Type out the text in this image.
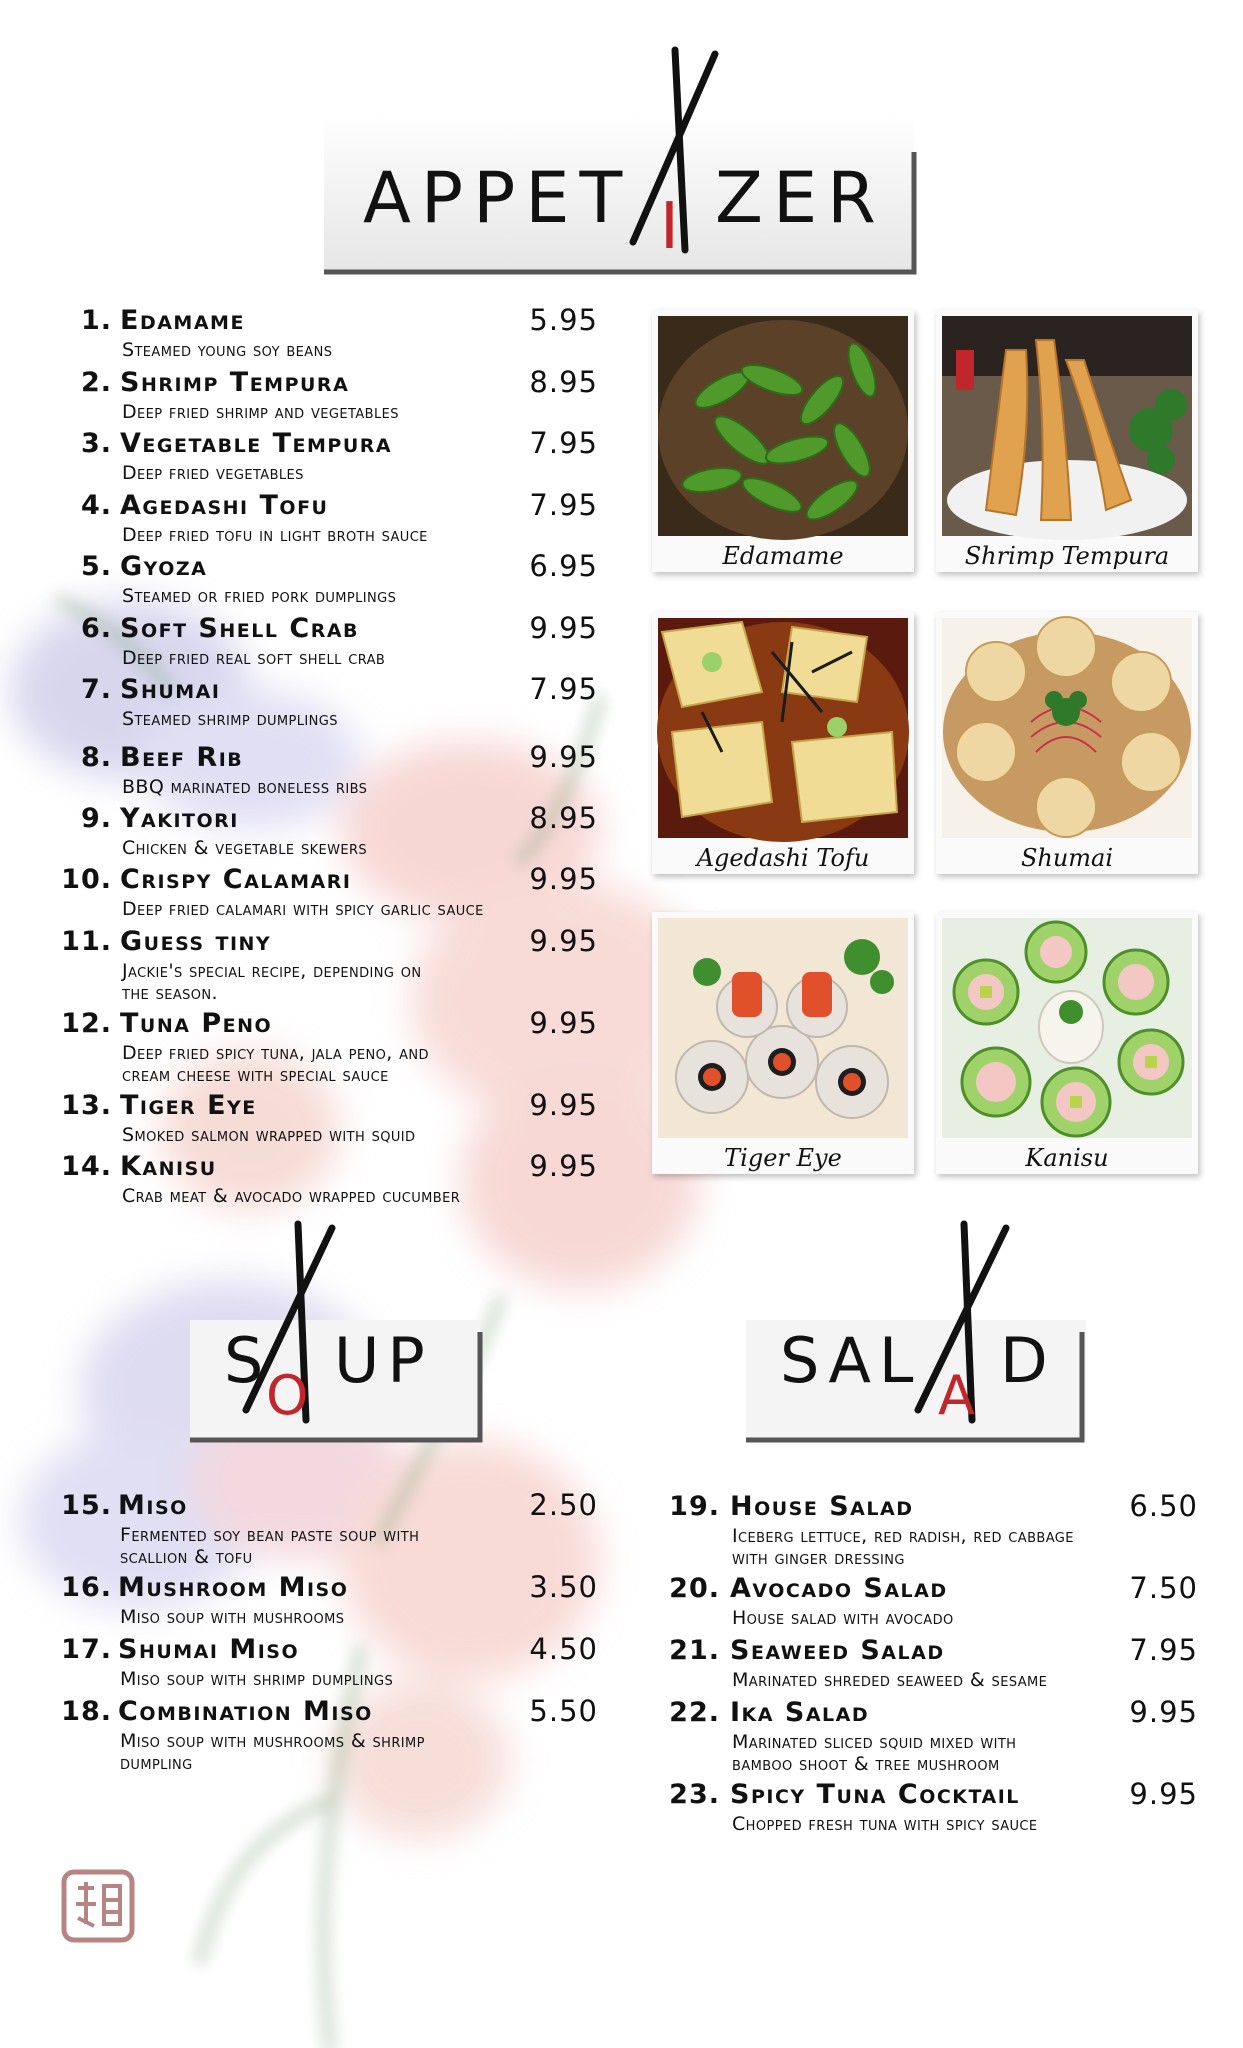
APPET I ZER
S
O UP	SAL A D
Edamame	Shrimp Tempura
Agedashi Tofu	Shumai
Tiger Eye	Kanisu
1. Edamame	5.95
Steamed young soy beans
2. Shrimp Tempura	8.95
Deep fried shrimp and vegetables
3. Vegetable Tempura	7.95
Deep fried vegetables
4. Agedashi Tofu	7.95
Deep fried tofu in light broth sauce
5. Gyoza	6.95
Steamed or fried pork dumplings
6. Soft Shell Crab	9.95
Deep fried real soft shell crab
7. Shumai	7.95
Steamed shrimp dumplings
8. Beef Rib	9.95
BBQ marinated boneless ribs
9. Yakitori	8.95
Chicken & vegetable skewers
10. Crispy Calamari	9.95
Deep fried calamari with spicy garlic sauce
11. Guess tiny	9.95
Jackie's special recipe, depending on
the season.
12. Tuna Peno	9.95
Deep fried spicy tuna, jala peno, and
cream cheese with special sauce
13. Tiger Eye	9.95
Smoked salmon wrapped with squid
14. Kanisu	9.95
Crab meat & avocado wrapped cucumber
15. Miso	2.50
Fermented soy bean paste soup with
scallion & tofu
16. Mushroom Miso	3.50
Miso soup with mushrooms
17. Shumai Miso	4.50
Miso soup with shrimp dumplings
18. Combination Miso	5.50
Miso soup with mushrooms & shrimp
dumpling
19. House Salad	6.50
Iceberg lettuce, red radish, red cabbage
with ginger dressing
20. Avocado Salad	7.50
House salad with avocado
21. Seaweed Salad	7.95
Marinated shreded seaweed & sesame
22. Ika Salad	9.95
Marinated sliced squid mixed with
bamboo shoot & tree mushroom
23. Spicy Tuna Cocktail	9.95
Chopped fresh tuna with spicy sauce
